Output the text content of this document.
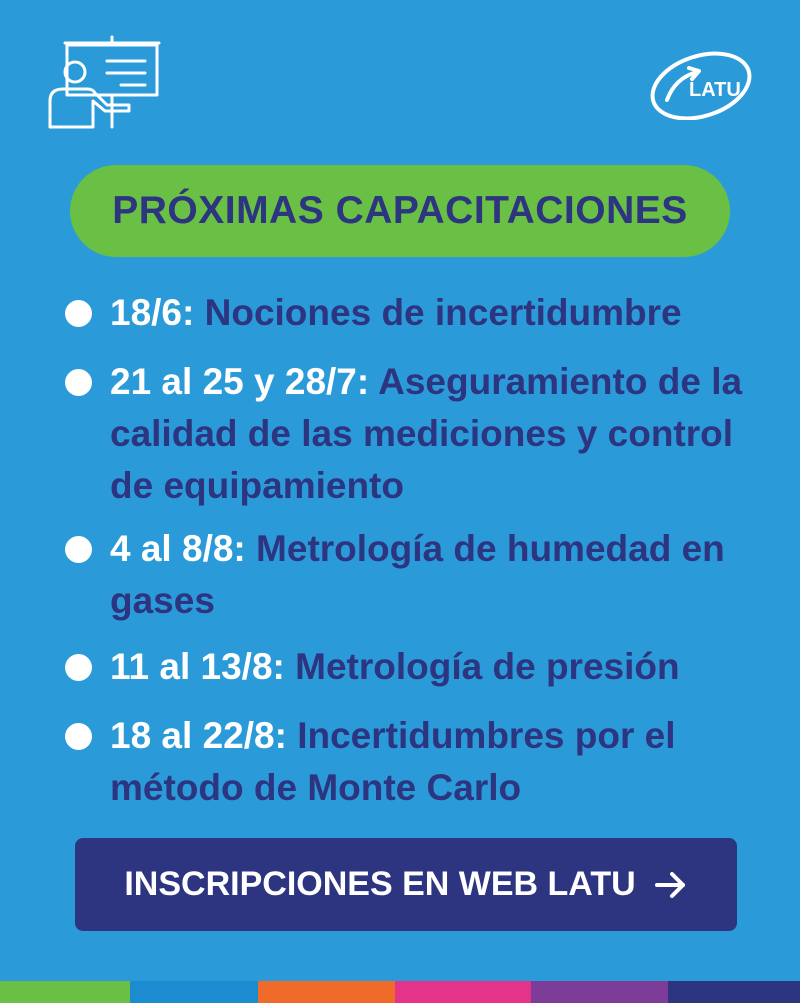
LATU
PRÓXIMAS CAPACITACIONES
18/6: Nociones de incertidumbre
21 al 25 y 28/7: Aseguramiento de la calidad de las mediciones y control de equipamiento
4 al 8/8: Metrología de humedad en gases
11 al 13/8: Metrología de presión
18 al 22/8: Incertidumbres por el método de Monte Carlo
INSCRIPCIONES EN WEB LATU
